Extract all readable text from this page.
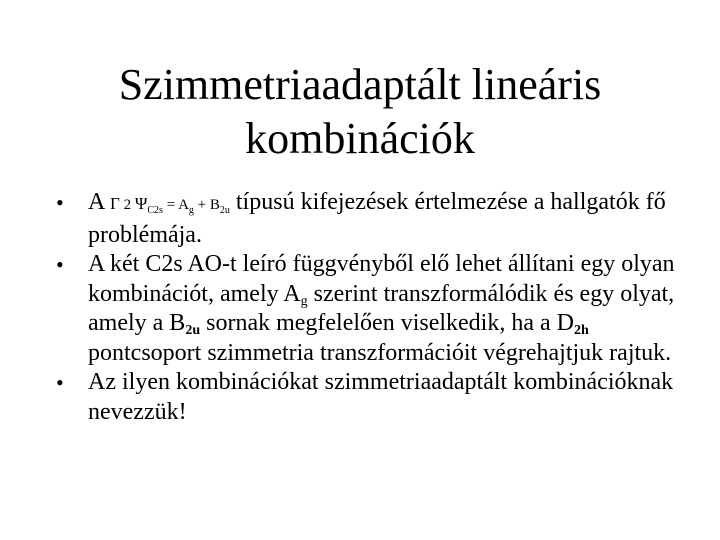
Szimmetriaadaptált lineáris
kombinációk
•	A Γ 2 $\Psi_{C2s} = A_g + B_{2u}$ típusú kifejezések értelmezése a hallgatók fő problémája.
•	A két C2s AO-t leíró függvényből elő lehet állítani egy olyan kombinációt, amely $A_g$ szerint transzformálódik és egy olyat, amely a $B_{2u}$ sornak megfelelően viselkedik, ha a $D_{2h}$ pontcsoport szimmetria transzformációit végrehajtjuk rajtuk.
•	Az ilyen kombinációkat szimmetriaadaptált kombinációknak nevezzük!
